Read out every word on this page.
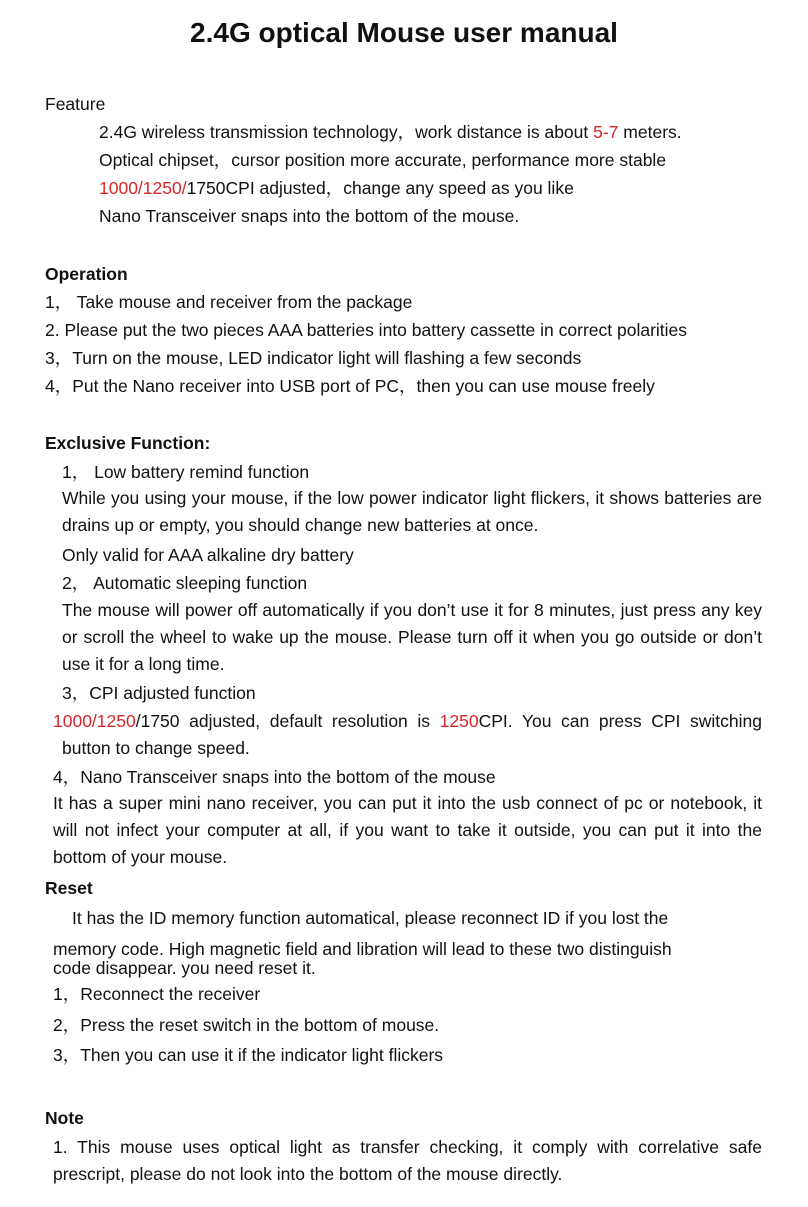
2.4G optical Mouse user manual
Feature
2.4G wireless transmission technology，work distance is about 5-7 meters.
Optical chipset，cursor position more accurate, performance more stable
1000/1250/1750CPI adjusted，change any speed as you like
Nano Transceiver snaps into the bottom of the mouse.
Operation
1， Take mouse and receiver from the package
2. Please put the two pieces AAA batteries into battery cassette in correct polarities
3，Turn on the mouse, LED indicator light will flashing a few seconds
4，Put the Nano receiver into USB port of PC，then you can use mouse freely
Exclusive Function:
1， Low battery remind function
While you using your mouse, if the low power indicator light flickers, it shows batteries are drains up or empty, you should change new batteries at once.
Only valid for AAA alkaline dry battery
2， Automatic sleeping function
The mouse will power off automatically if you don’t use it for 8 minutes, just press any key or scroll the wheel to wake up the mouse. Please turn off it when you go outside or don’t use it for a long time.
3，CPI adjusted function
1000/1250/1750 adjusted, default resolution is 1250CPI. You can press CPI switching
button to change speed.
4，Nano Transceiver snaps into the bottom of the mouse
It has a super mini nano receiver, you can put it into the usb connect of pc or notebook, it will not infect your computer at all, if you want to take it outside, you can put it into the bottom of your mouse.
Reset
It has the ID memory function automatical, please reconnect ID if you lost the
memory code. High magnetic field and libration will lead to these two distinguish
code disappear. you need reset it.
1，Reconnect the receiver
2，Press the reset switch in the bottom of mouse.
3，Then you can use it if the indicator light flickers
Note
1. This mouse uses optical light as transfer checking, it comply with correlative safe prescript, please do not look into the bottom of the mouse directly.
